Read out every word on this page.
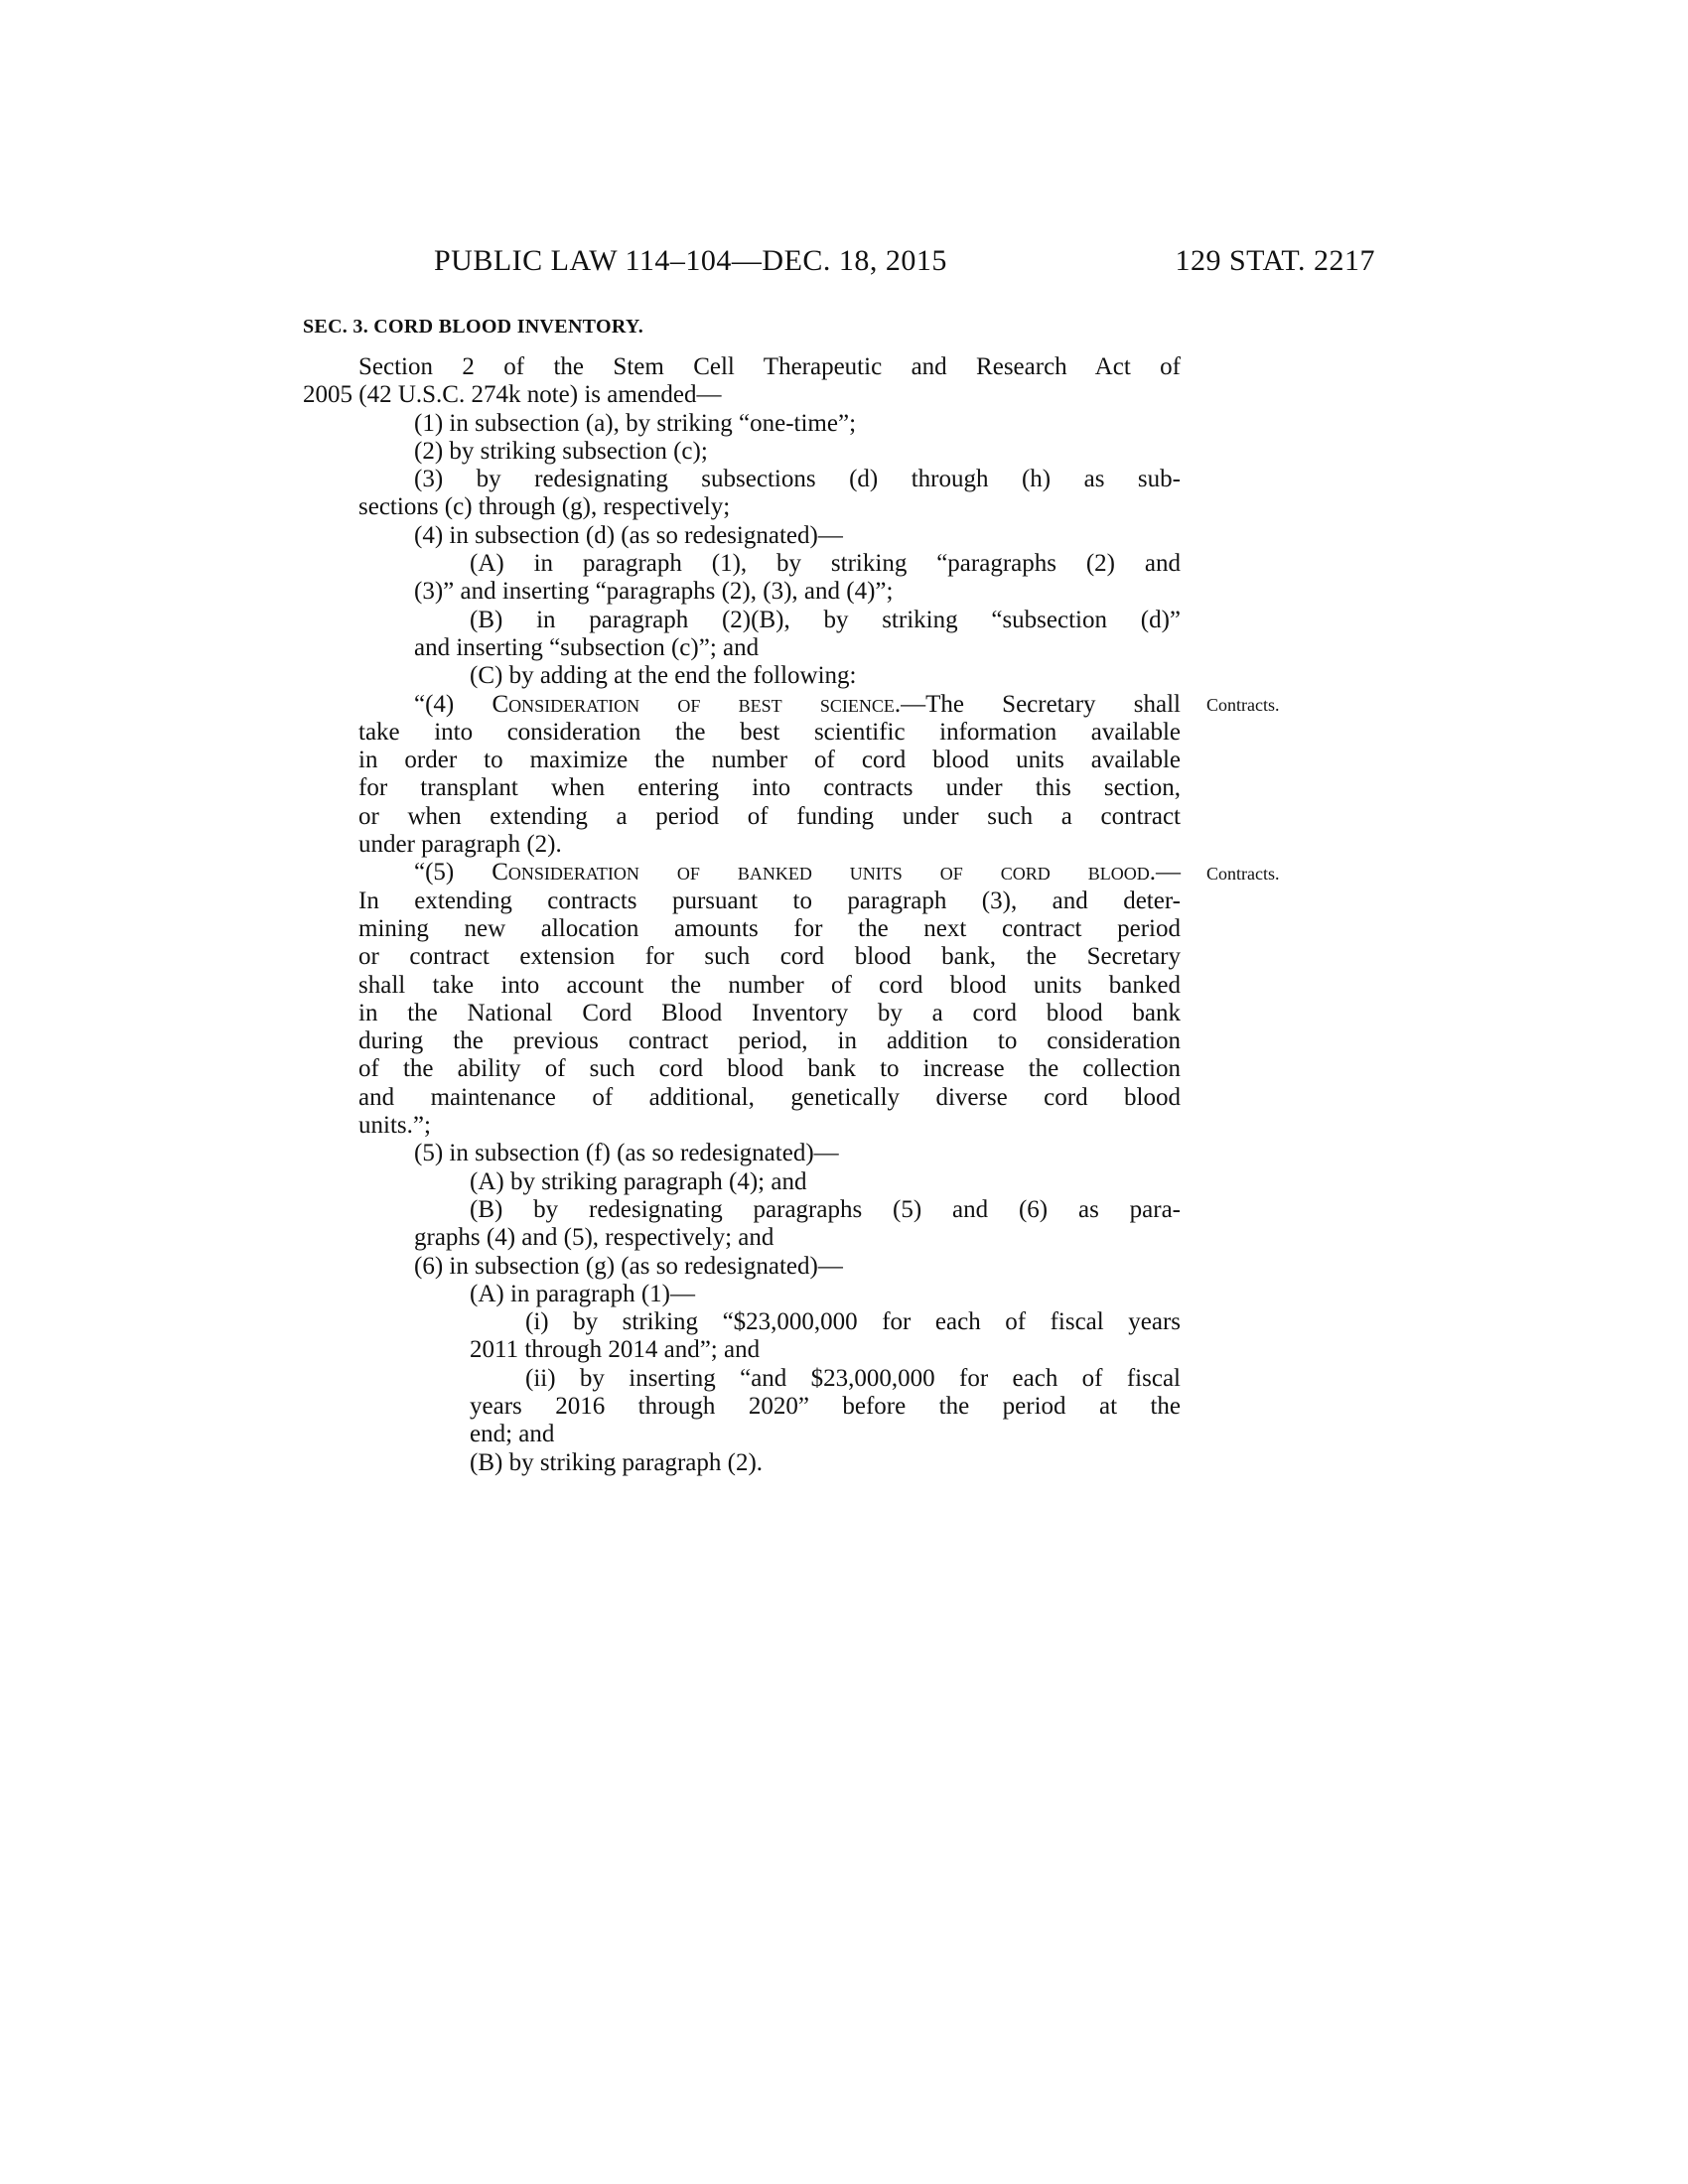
PUBLIC LAW 114–104—DEC. 18, 2015	129 STAT. 2217
SEC. 3. CORD BLOOD INVENTORY.
Section 2 of the Stem Cell Therapeutic and Research Act of
2005 (42 U.S.C. 274k note) is amended—
(1) in subsection (a), by striking “one-time”;
(2) by striking subsection (c);
(3) by redesignating subsections (d) through (h) as sub-
sections (c) through (g), respectively;
(4) in subsection (d) (as so redesignated)—
(A) in paragraph (1), by striking “paragraphs (2) and
(3)” and inserting “paragraphs (2), (3), and (4)”;
(B) in paragraph (2)(B), by striking “subsection (d)”
and inserting “subsection (c)”; and
(C) by adding at the end the following:
“(4) Consideration of best science.—The Secretary shall
take into consideration the best scientific information available
in order to maximize the number of cord blood units available
for transplant when entering into contracts under this section,
or when extending a period of funding under such a contract
under paragraph (2).
“(5) Consideration of banked units of cord blood.—
In extending contracts pursuant to paragraph (3), and deter-
mining new allocation amounts for the next contract period
or contract extension for such cord blood bank, the Secretary
shall take into account the number of cord blood units banked
in the National Cord Blood Inventory by a cord blood bank
during the previous contract period, in addition to consideration
of the ability of such cord blood bank to increase the collection
and maintenance of additional, genetically diverse cord blood
units.”;
(5) in subsection (f) (as so redesignated)—
(A) by striking paragraph (4); and
(B) by redesignating paragraphs (5) and (6) as para-
graphs (4) and (5), respectively; and
(6) in subsection (g) (as so redesignated)—
(A) in paragraph (1)—
(i) by striking “$23,000,000 for each of fiscal years
2011 through 2014 and”; and
(ii) by inserting “and $23,000,000 for each of fiscal
years 2016 through 2020” before the period at the
end; and
(B) by striking paragraph (2).
Contracts.
Contracts.
